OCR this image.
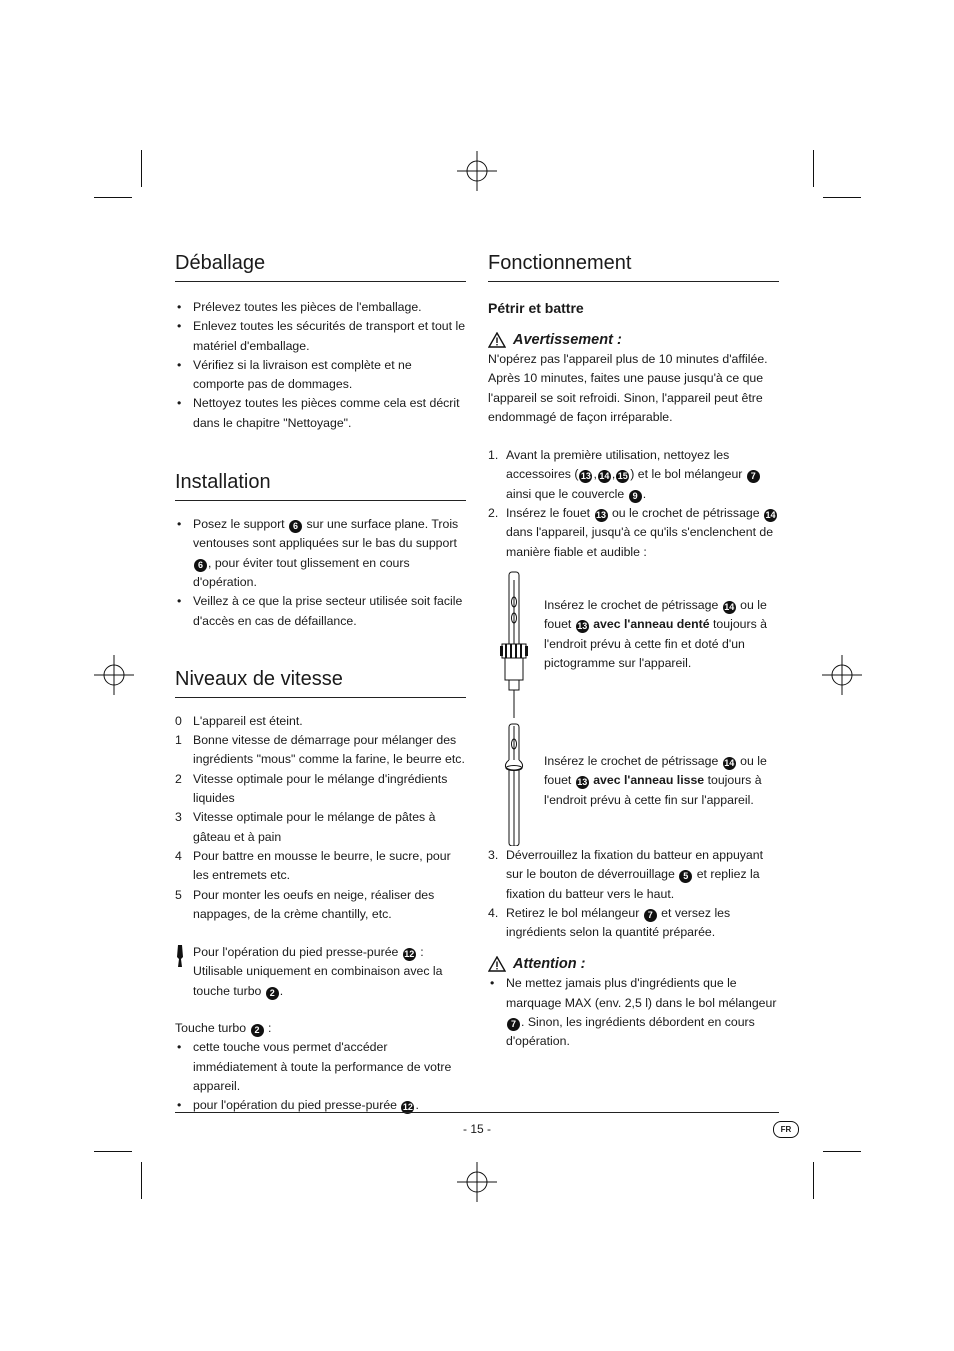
Déballage
• Prélevez toutes les pièces de l'emballage.
• Enlevez toutes les sécurités de transport et tout le matériel d'emballage.
• Vérifiez si la livraison est complète et ne comporte pas de dommages.
• Nettoyez toutes les pièces comme cela est décrit dans le chapitre "Nettoyage".
Installation
• Posez le support 6 sur une surface plane. Trois ventouses sont appliquées sur le bas du support 6 , pour éviter tout glissement en cours d'opération.
• Veillez à ce que la prise secteur utilisée soit facile d'accès en cas de défaillance.
Niveaux de vitesse
0 L'appareil est éteint.
1 Bonne vitesse de démarrage pour mélanger des ingrédients "mous" comme la farine, le beurre etc.
2 Vitesse optimale pour le mélange d'ingrédients liquides
3 Vitesse optimale pour le mélange de pâtes à gâteau et à pain
4 Pour battre en mousse le beurre, le sucre, pour les entremets etc.
5 Pour monter les oeufs en neige, réaliser des nappages, de la crème chantilly, etc.
Pour l'opération du pied presse-purée 12 : Utilisable uniquement en combinaison avec la touche turbo 2 .
Touche turbo 2 :
• cette touche vous permet d'accéder immédiatement à toute la performance de votre appareil.
• pour l'opération du pied presse-purée 12 .
Fonctionnement
Pétrir et battre
Avertissement :
N'opérez pas l'appareil plus de 10 minutes d'affilée. Après 10 minutes, faites une pause jusqu'à ce que l'appareil se soit refroidi. Sinon, l'appareil peut être endommagé de façon irréparable.
1. Avant la première utilisation, nettoyez les accessoires ( 13 , 14 , 15 ) et le bol mélangeur 7 ainsi que le couvercle 9 .
2. Insérez le fouet 13 ou le crochet de pétrissage 14 dans l'appareil, jusqu'à ce qu'ils s'enclenchent de manière fiable et audible :
Insérez le crochet de pétrissage 14 ou le fouet 13 avec l'anneau denté toujours à l'endroit prévu à cette fin et doté d'un pictogramme sur l'appareil.
Insérez le crochet de pétrissage 14 ou le fouet 13 avec l'anneau lisse toujours à l'endroit prévu à cette fin sur l'appareil.
3. Déverrouillez la fixation du batteur en appuyant sur le bouton de déverrouillage 5 et repliez la fixation du batteur vers le haut.
4. Retirez le bol mélangeur 7 et versez les ingrédients selon la quantité préparée.
Attention :
• Ne mettez jamais plus d'ingrédients que le marquage MAX (env. 2,5 l) dans le bol mélangeur 7 . Sinon, les ingrédients débordent en cours d'opération.
- 15 -	FR
